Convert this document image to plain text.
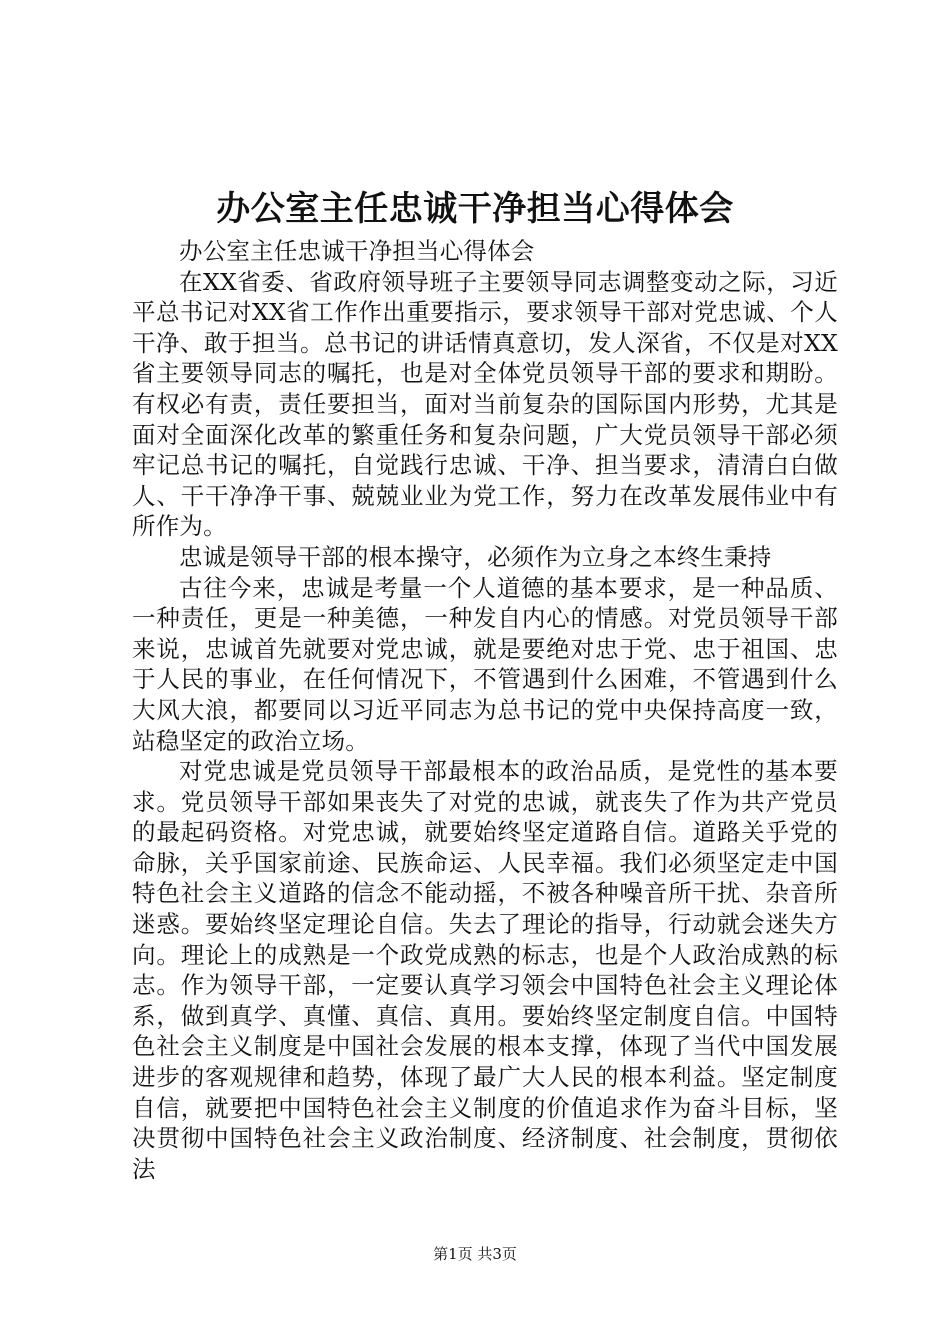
办公室主任忠诚干净担当心得体会

办公室主任忠诚干净担当心得体会

在XX省委、省政府领导班子主要领导同志调整变动之际，习近平总书记对XX省工作作出重要指示，要求领导干部对党忠诚、个人干净、敢于担当。总书记的讲话情真意切，发人深省，不仅是对XX省主要领导同志的嘱托，也是对全体党员领导干部的要求和期盼。有权必有责，责任要担当，面对当前复杂的国际国内形势，尤其是面对全面深化改革的繁重任务和复杂问题，广大党员领导干部必须牢记总书记的嘱托，自觉践行忠诚、干净、担当要求，清清白白做人、干干净净干事、兢兢业业为党工作，努力在改革发展伟业中有所作为。

忠诚是领导干部的根本操守，必须作为立身之本终生秉持

古往今来，忠诚是考量一个人道德的基本要求，是一种品质、一种责任，更是一种美德，一种发自内心的情感。对党员领导干部来说，忠诚首先就要对党忠诚，就是要绝对忠于党、忠于祖国、忠于人民的事业，在任何情况下，不管遇到什么困难，不管遇到什么大风大浪，都要同以习近平同志为总书记的党中央保持高度一致，站稳坚定的政治立场。

对党忠诚是党员领导干部最根本的政治品质，是党性的基本要求。党员领导干部如果丧失了对党的忠诚，就丧失了作为共产党员的最起码资格。对党忠诚，就要始终坚定道路自信。道路关乎党的命脉，关乎国家前途、民族命运、人民幸福。我们必须坚定走中国特色社会主义道路的信念不能动摇，不被各种噪音所干扰、杂音所迷惑。要始终坚定理论自信。失去了理论的指导，行动就会迷失方向。理论上的成熟是一个政党成熟的标志，也是个人政治成熟的标志。作为领导干部，一定要认真学习领会中国特色社会主义理论体系，做到真学、真懂、真信、真用。要始终坚定制度自信。中国特色社会主义制度是中国社会发展的根本支撑，体现了当代中国发展进步的客观规律和趋势，体现了最广大人民的根本利益。坚定制度自信，就要把中国特色社会主义制度的价值追求作为奋斗目标，坚决贯彻中国特色社会主义政治制度、经济制度、社会制度，贯彻依法

第1页 共3页
